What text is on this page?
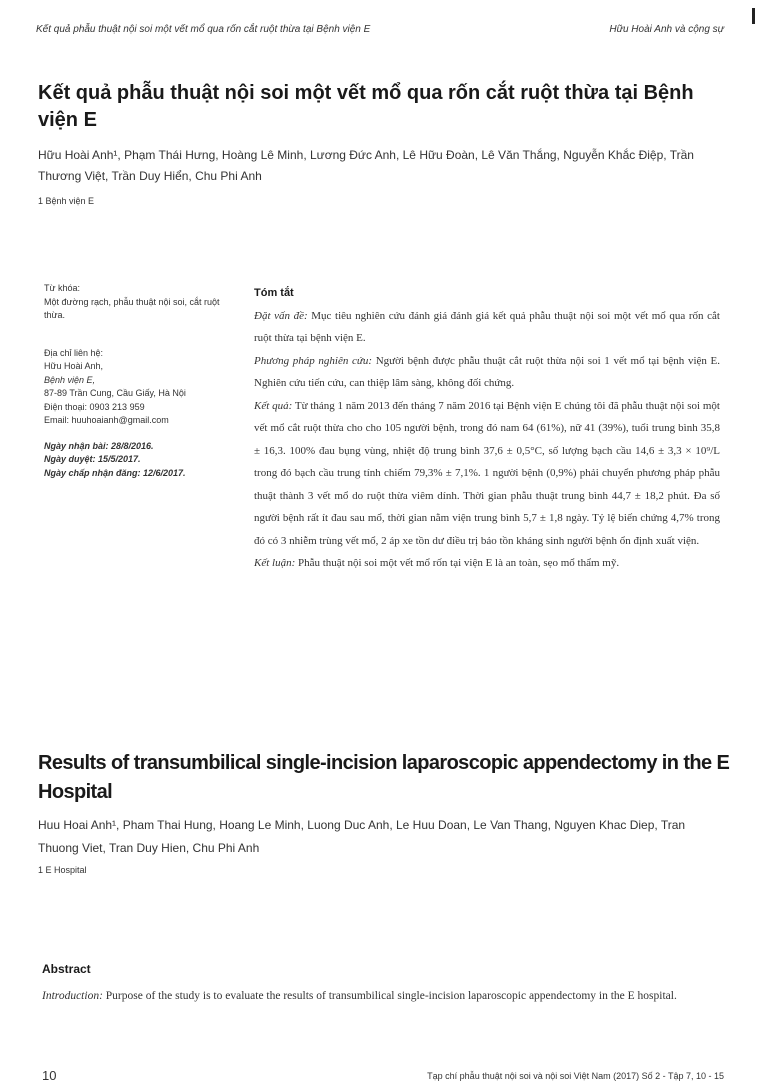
Kết quả phẫu thuật nội soi một vết mổ qua rốn cắt ruột thừa tại Bệnh viện E	Hữu Hoài Anh và cộng sự
Kết quả phẫu thuật nội soi một vết mổ qua rốn cắt ruột thừa tại Bệnh viện E
Hữu Hoài Anh¹, Phạm Thái Hưng, Hoàng Lê Minh, Lương Đức Anh, Lê Hữu Đoàn, Lê Văn Thắng, Nguyễn Khắc Điệp, Trần Thương Việt, Trần Duy Hiển, Chu Phi Anh
1 Bệnh viện E

Từ khóa:

Một đường rạch, phẫu thuật nội soi, cắt ruột thừa.

Địa chỉ liên hệ:

Hữu Hoài Anh,

Bệnh viện E,

87-89 Trần Cung, Cầu Giấy, Hà Nội

Điện thoại: 0903 213 959

Email: huuhoaianh@gmail.com

Ngày nhận bài: 28/8/2016.

Ngày duyệt: 15/5/2017.

Ngày chấp nhận đăng: 12/6/2017.

Tóm tắt

Đặt vấn đề: Mục tiêu nghiên cứu đánh giá đánh giá kết quả phẫu thuật nội soi một vết mổ qua rốn cắt ruột thừa tại bệnh viện E.

Phương pháp nghiên cứu: Người bệnh được phẫu thuật cắt ruột thừa nội soi 1 vết mổ tại bệnh viện E. Nghiên cứu tiến cứu, can thiệp lâm sàng, không đối chứng.

Kết quả: Từ tháng 1 năm 2013 đến tháng 7 năm 2016 tại Bệnh viện E chúng tôi đã phẫu thuật nội soi một vết mổ cắt ruột thừa cho cho 105 người bệnh, trong đó nam 64 (61%), nữ 41 (39%), tuổi trung bình 35,8 ± 16,3. 100% đau bụng vùng, nhiệt độ trung bình 37,6 ± 0,5°C, số lượng bạch cầu 14,6 ± 3,3 × 10⁹/L trong đó bạch cầu trung tính chiếm 79,3% ± 7,1%. 1 người bệnh (0,9%) phải chuyển phương pháp phẫu thuật thành 3 vết mổ do ruột thừa viêm dính. Thời gian phẫu thuật trung bình 44,7 ± 18,2 phút. Đa số người bệnh rất ít đau sau mổ, thời gian nằm viện trung bình 5,7 ± 1,8 ngày. Tỷ lệ biến chứng 4,7% trong đó có 3 nhiễm trùng vết mổ, 2 áp xe tồn dư điều trị bảo tồn kháng sinh người bệnh ổn định xuất viện.

Kết luận: Phẫu thuật nội soi một vết mổ rốn tại viện E là an toàn, sẹo mổ thẩm mỹ.

Results of transumbilical single-incision laparoscopic appendectomy in the E Hospital
Huu Hoai Anh¹, Pham Thai Hung, Hoang Le Minh, Luong Duc Anh, Le Huu Doan, Le Van Thang, Nguyen Khac Diep, Tran Thuong Viet, Tran Duy Hien, Chu Phi Anh
1 E Hospital
Abstract
Introduction: Purpose of the study is to evaluate the results of transumbilical single-incision laparoscopic appendectomy in the E hospital.
10	Tạp chí phẫu thuật nội soi và nội soi Việt Nam (2017) Số 2 - Tập 7, 10 - 15
